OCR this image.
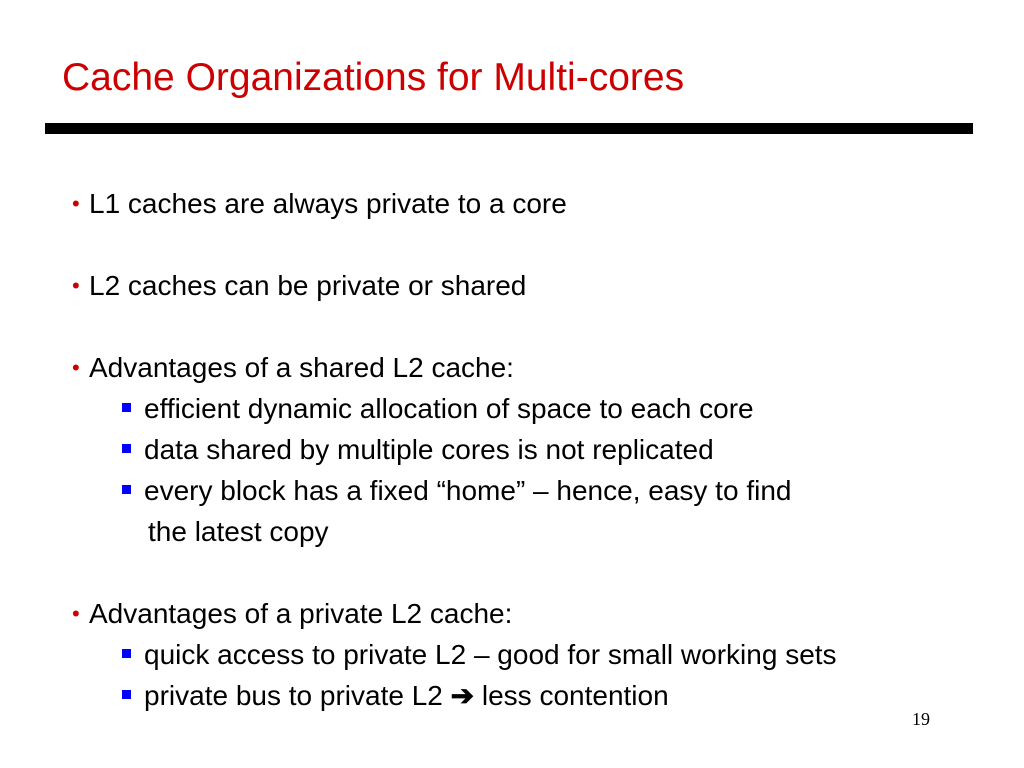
Cache Organizations for Multi-cores
• L1 caches are always private to a core
• L2 caches can be private or shared
• Advantages of a shared L2 cache:
efficient dynamic allocation of space to each core
data shared by multiple cores is not replicated
every block has a fixed “home” – hence, easy to find
the latest copy
• Advantages of a private L2 cache:
quick access to private L2 – good for small working sets
private bus to private L2 ➔ less contention
19
